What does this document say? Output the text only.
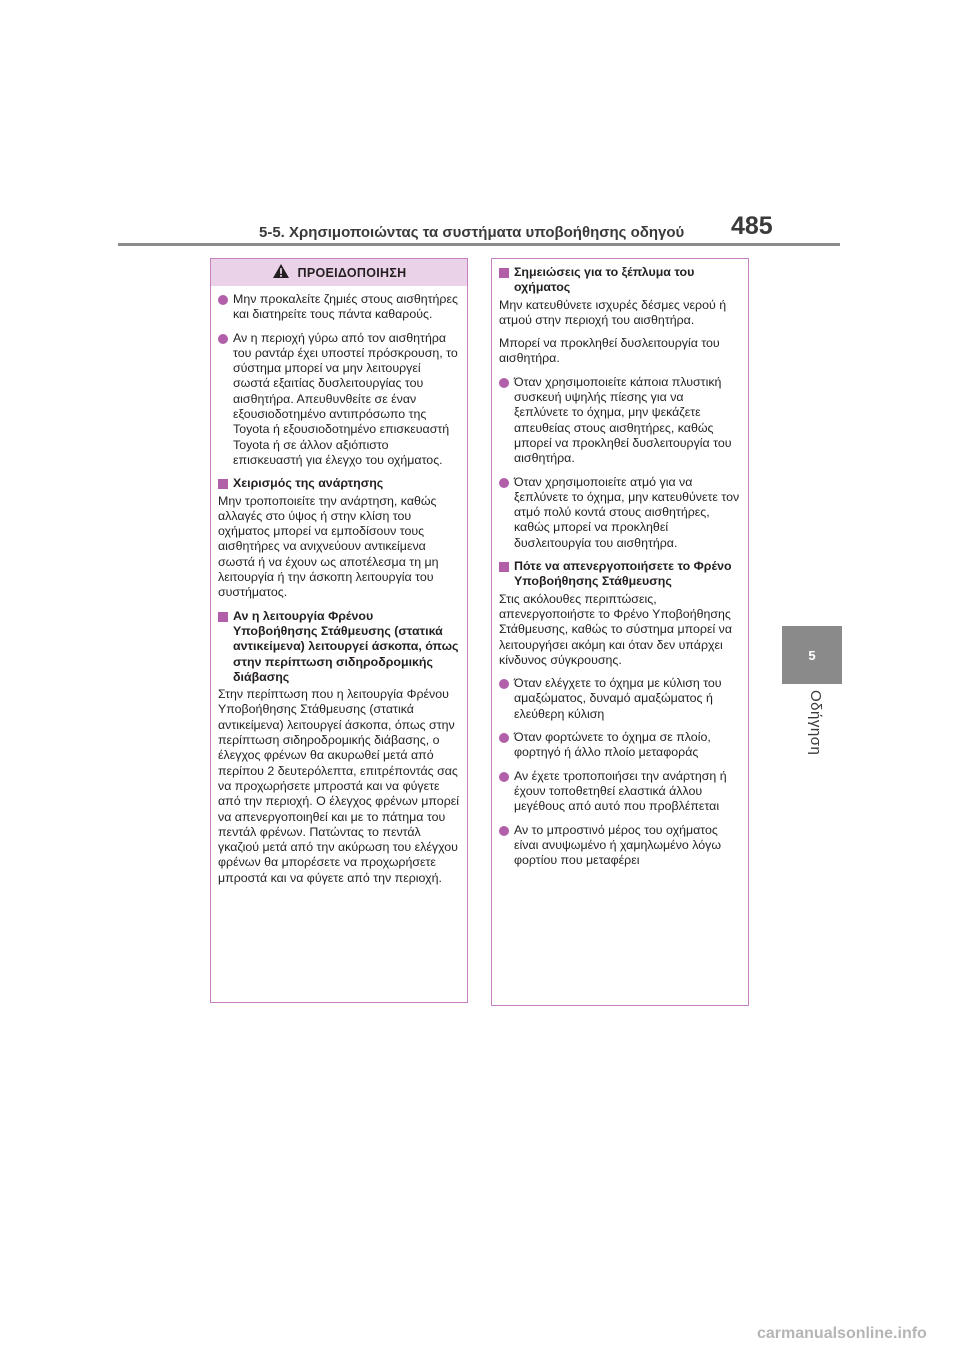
5-5. Χρησιμοποιώντας τα συστήματα υποβοήθησης οδηγού 485
5
Οδήγηση
ΠΡΟΕΙΔΟΠΟΙΗΣΗ
Μην προκαλείτε ζημιές στους αισθητήρες και διατηρείτε τους πάντα καθαρούς.
Αν η περιοχή γύρω από τον αισθητήρα του ραντάρ έχει υποστεί πρόσκρουση, το σύστημα μπορεί να μην λειτουργεί σωστά εξαιτίας δυσλειτουργίας του αισθητήρα. Απευθυνθείτε σε έναν εξουσιοδοτημένο αντιπρόσωπο της Toyota ή εξουσιοδοτημένο επισκευαστή Toyota ή σε άλλον αξιόπιστο επισκευαστή για έλεγχο του οχήματος.
Χειρισμός της ανάρτησης
Μην τροποποιείτε την ανάρτηση, καθώς αλλαγές στο ύψος ή στην κλίση του οχήματος μπορεί να εμποδίσουν τους αισθητήρες να ανιχνεύουν αντικείμενα σωστά ή να έχουν ως αποτέλεσμα τη μη λειτουργία ή την άσκοπη λειτουργία του συστήματος.
Αν η λειτουργία Φρένου Υποβοήθησης Στάθμευσης (στατικά αντικείμενα) λειτουργεί άσκοπα, όπως στην περίπτωση σιδηροδρομικής διάβασης
Στην περίπτωση που η λειτουργία Φρένου Υποβοήθησης Στάθμευσης (στατικά αντικείμενα) λειτουργεί άσκοπα, όπως στην περίπτωση σιδηροδρομικής διάβασης, ο έλεγχος φρένων θα ακυρωθεί μετά από περίπου 2 δευτερόλεπτα, επιτρέποντάς σας να προχωρήσετε μπροστά και να φύγετε από την περιοχή. Ο έλεγχος φρένων μπορεί να απενεργοποιηθεί και με το πάτημα του πεντάλ φρένων. Πατώντας το πεντάλ γκαζιού μετά από την ακύρωση του ελέγχου φρένων θα μπορέσετε να προχωρήσετε μπροστά και να φύγετε από την περιοχή.
Σημειώσεις για το ξέπλυμα του οχήματος
Μην κατευθύνετε ισχυρές δέσμες νερού ή ατμού στην περιοχή του αισθητήρα.
Μπορεί να προκληθεί δυσλειτουργία του αισθητήρα.
Όταν χρησιμοποιείτε κάποια πλυστική συσκευή υψηλής πίεσης για να ξεπλύνετε το όχημα, μην ψεκάζετε απευθείας στους αισθητήρες, καθώς μπορεί να προκληθεί δυσλειτουργία του αισθητήρα.
Όταν χρησιμοποιείτε ατμό για να ξεπλύνετε το όχημα, μην κατευθύνετε τον ατμό πολύ κοντά στους αισθητήρες, καθώς μπορεί να προκληθεί δυσλειτουργία του αισθητήρα.
Πότε να απενεργοποιήσετε το Φρένο Υποβοήθησης Στάθμευσης
Στις ακόλουθες περιπτώσεις, απενεργοποιήστε το Φρένο Υποβοήθησης Στάθμευσης, καθώς το σύστημα μπορεί να λειτουργήσει ακόμη και όταν δεν υπάρχει κίνδυνος σύγκρουσης.
Όταν ελέγχετε το όχημα με κύλιση του αμαξώματος, δυναμό αμαξώματος ή ελεύθερη κύλιση
Όταν φορτώνετε το όχημα σε πλοίο, φορτηγό ή άλλο πλοίο μεταφοράς
Αν έχετε τροποποιήσει την ανάρτηση ή έχουν τοποθετηθεί ελαστικά άλλου μεγέθους από αυτό που προβλέπεται
Αν το μπροστινό μέρος του οχήματος είναι ανυψωμένο ή χαμηλωμένο λόγω φορτίου που μεταφέρει
carmanualsonline.info
